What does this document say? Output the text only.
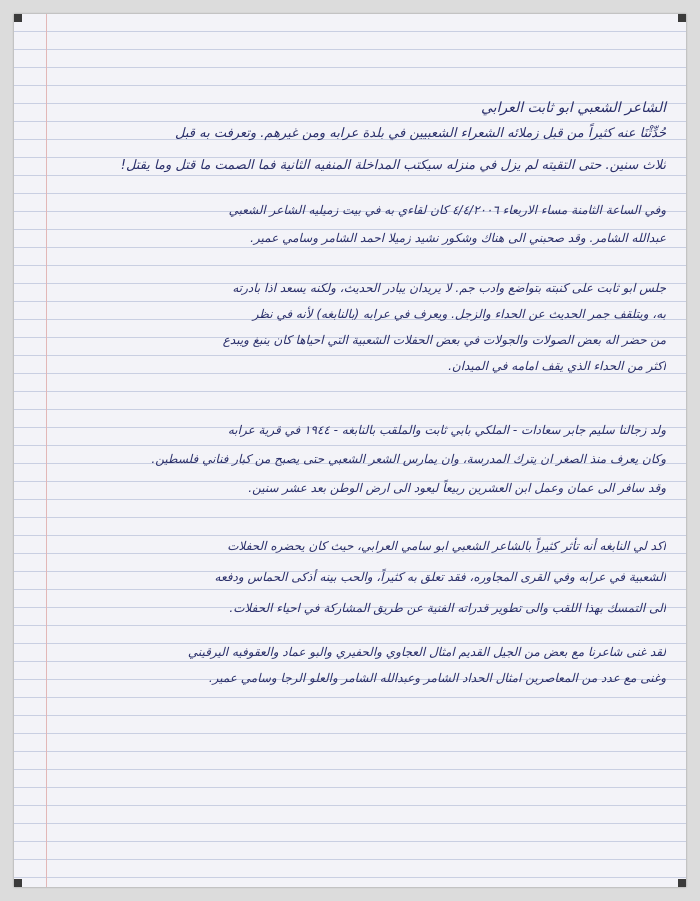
الشاعر الشعبي ابو ثابت العرابي
حُدِّثْنَا عنه كثيراً من قبل زملائه الشعراء الشعبيين في بلدة عرابه ومن غيرهم. وتعرفت به قبل
ثلاث سنين. حتى التقيته لم يزل في منزله سيكتب المداخلة المنفيه الثانية فما الصمت ما قتل وما يقتل!
وفي الساعة الثامنة مساء الاربعاء ٤/٤/٢٠٠٦ كان لقاءي به في بيت زميليه الشاعر الشعبي
عبدالله الشامر. وقد صحبني الى هناك وشكور نشيد زميلا احمد الشامر وسامي عمير.
جلس ابو ثابت على كنبته بتواضع وادب جم. لا يريدان يبادر الحديث، ولكنه يسعد اذا بادرته
به، ويتلقف جمر الحديث عن الحداء والزجل. ويعرف في عرابه (بالنابغه) لأنه في نظر
من حضر اله بعض الصولات والجولات في بعض الحفلات الشعبية التي احياها كان ينبغ ويبدع
اكثر من الحداء الذي يقف امامه في الميدان.
ولد زجالنا سليم جابر سعادات - الملكي بابي ثابت والملقب بالنابغه - ١٩٤٤ في قرية عرابه
وكان يعرف منذ الصغر ان يترك المدرسة، وان يمارس الشعر الشعبي حتى يصبح من كبار فناني فلسطين.
وقد سافر الى عمان وعمل ابن العشرين ربيعاً ليعود الى ارض الوطن بعد عشر سنين.
اكد لي النابغه أنه تأثر كثيراً بالشاعر الشعبي ابو سامي العرابي، حيث كان يحضره الحفلات
الشعبية في عرابه وفي القرى المجاوره، فقد تعلق به كثيراً، والحب بينه أذكى الحماس ودفعه
الى التمسك بهذا اللقب والى تطوير قدراته الفنية عن طريق المشاركة في احياء الحفلات.
لقد غنى شاعرنا مع بعض من الجيل القديم امثال العجاوي والحفيري والبو عماد والعقوفيه اليرقيني
وغنى مع عدد من المعاصرين امثال الحداد الشامر وعبدالله الشامر والعلو الرجا وسامي عمير.
